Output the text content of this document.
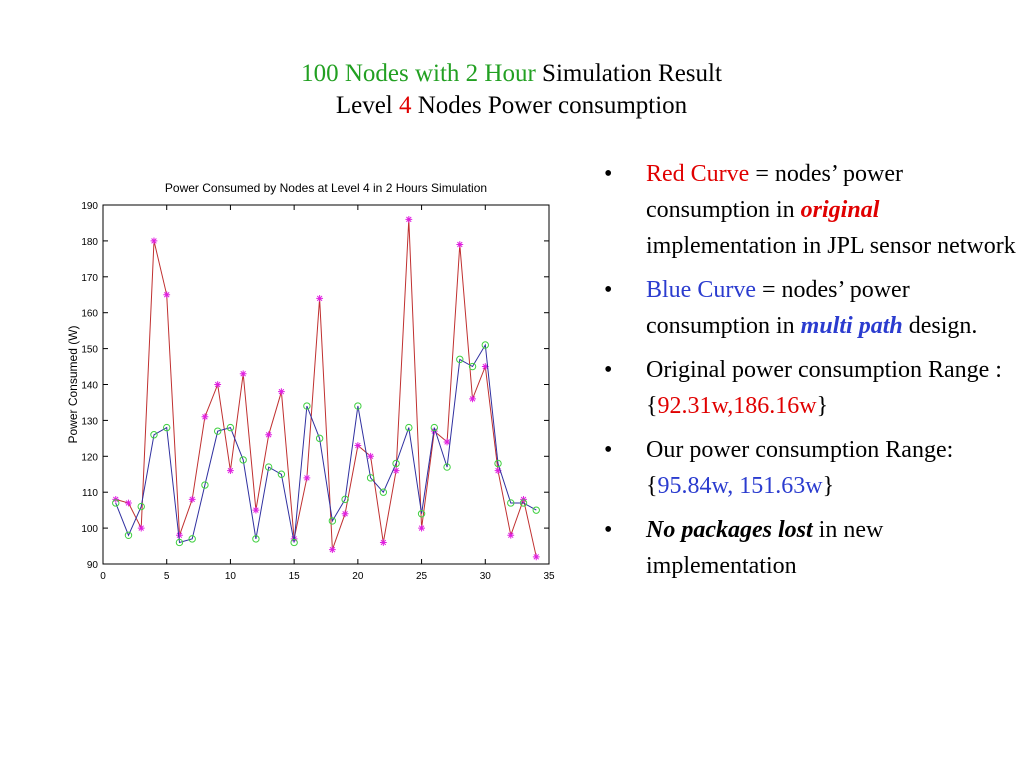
100 Nodes with 2 Hour Simulation Result
Level 4 Nodes Power consumption
Power Consumed by Nodes at Level 4 in 2 Hours Simulation
90
100
110
120
130
140
150
160
170
180
190
0	5	10	15	20	25	30	35
Power Consumed (W)
• Red Curve = nodes’ power consumption in original implementation in JPL sensor network
• Blue Curve = nodes’ power consumption in multi path design.
• Original power consumption Range :{92.31w,186.16w}
• Our power consumption Range:{95.84w, 151.63w}
• No packages lost in new implementation
